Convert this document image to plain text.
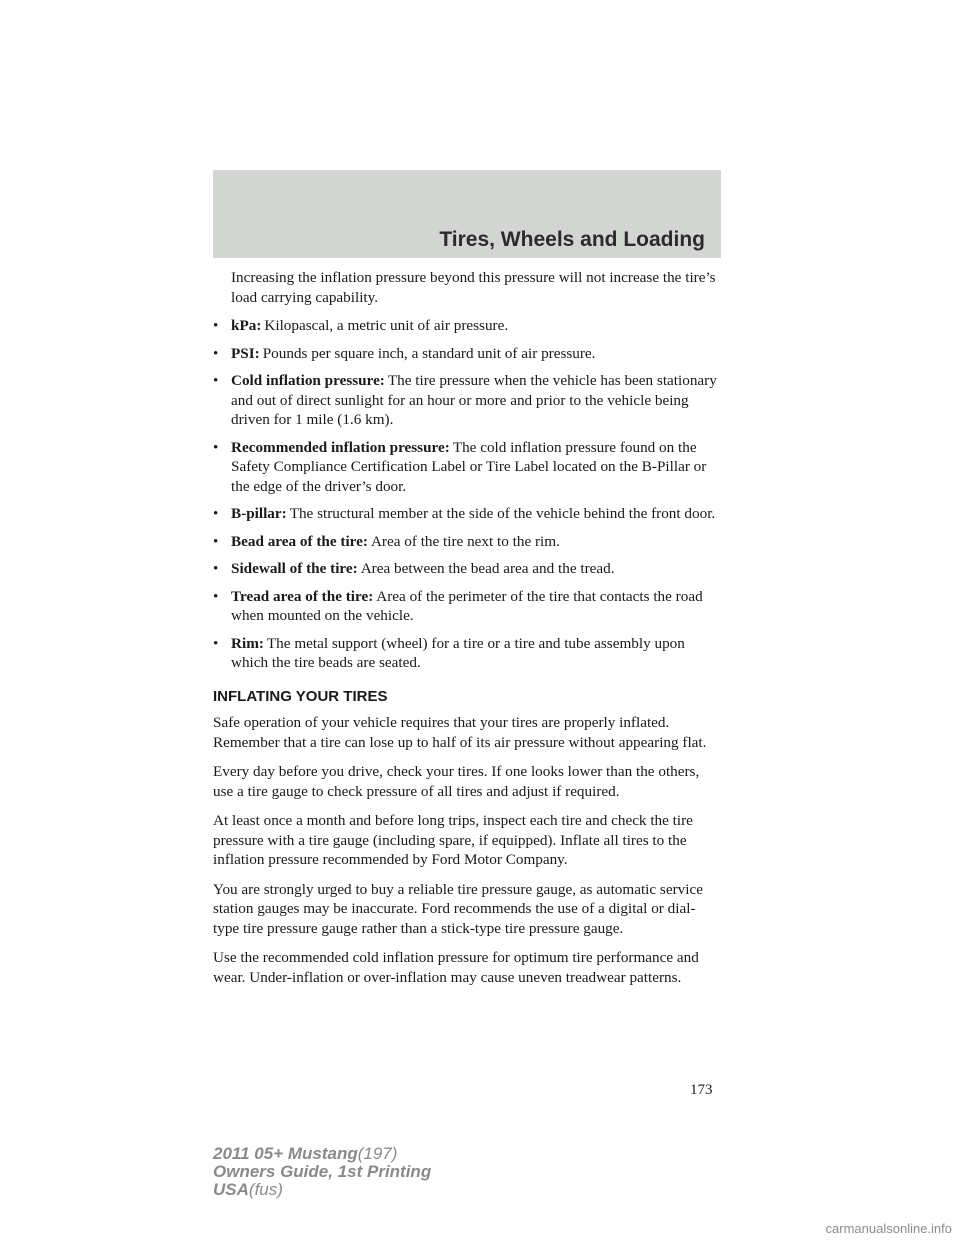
Tires, Wheels and Loading

Increasing the inflation pressure beyond this pressure will not increase the tire’s load carrying capability.

• kPa: Kilopascal, a metric unit of air pressure.
• PSI: Pounds per square inch, a standard unit of air pressure.
• Cold inflation pressure: The tire pressure when the vehicle has been stationary and out of direct sunlight for an hour or more and prior to the vehicle being driven for 1 mile (1.6 km).
• Recommended inflation pressure: The cold inflation pressure found on the Safety Compliance Certification Label or Tire Label located on the B-Pillar or the edge of the driver’s door.
• B-pillar: The structural member at the side of the vehicle behind the front door.
• Bead area of the tire: Area of the tire next to the rim.
• Sidewall of the tire: Area between the bead area and the tread.
• Tread area of the tire: Area of the perimeter of the tire that contacts the road when mounted on the vehicle.
• Rim: The metal support (wheel) for a tire or a tire and tube assembly upon which the tire beads are seated.
INFLATING YOUR TIRES

Safe operation of your vehicle requires that your tires are properly inflated. Remember that a tire can lose up to half of its air pressure without appearing flat.

Every day before you drive, check your tires. If one looks lower than the others, use a tire gauge to check pressure of all tires and adjust if required.

At least once a month and before long trips, inspect each tire and check the tire pressure with a tire gauge (including spare, if equipped). Inflate all tires to the inflation pressure recommended by Ford Motor Company.

You are strongly urged to buy a reliable tire pressure gauge, as automatic service station gauges may be inaccurate. Ford recommends the use of a digital or dial-type tire pressure gauge rather than a stick-type tire pressure gauge.

Use the recommended cold inflation pressure for optimum tire performance and wear. Under-inflation or over-inflation may cause uneven treadwear patterns.

173
2011 05+ Mustang(197)
Owners Guide, 1st Printing
USA(fus)
carmanualsonline.info
